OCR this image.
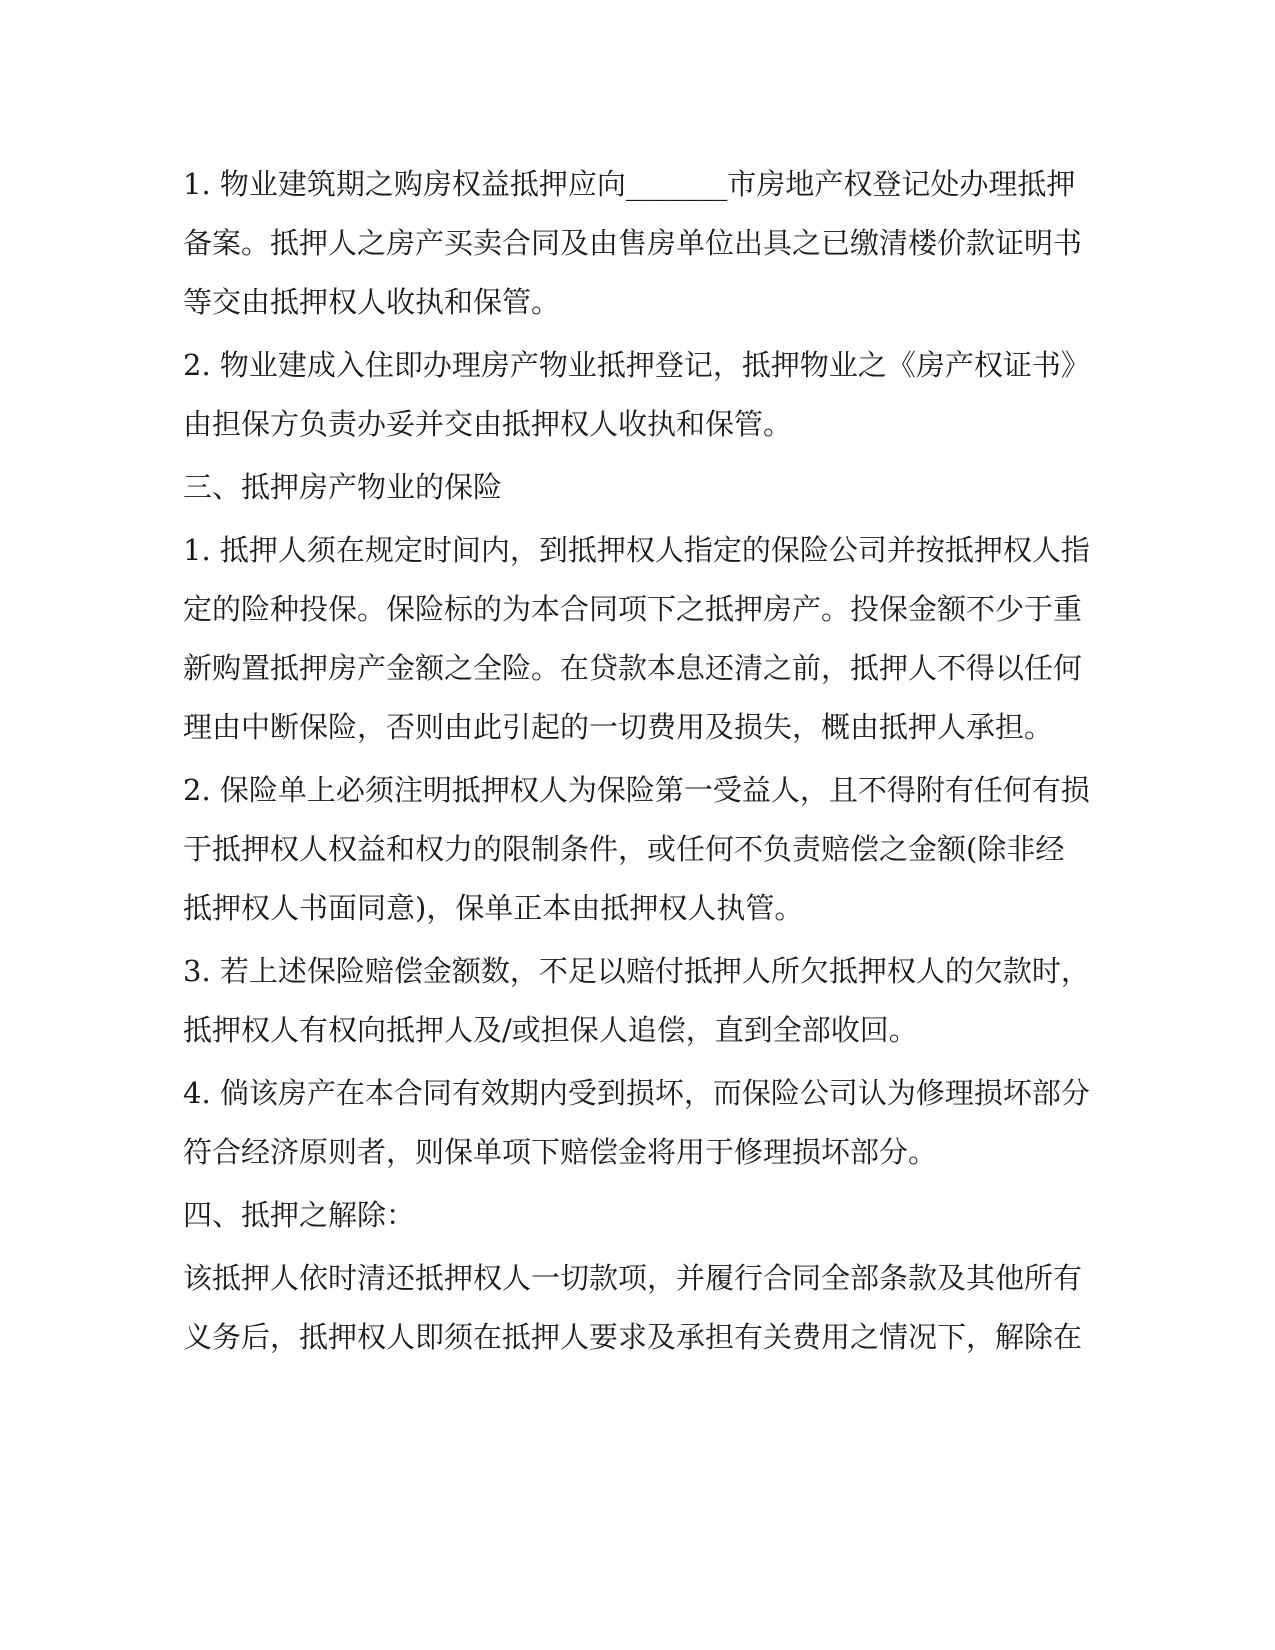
1. 物业建筑期之购房权益抵押应向_______市房地产权登记处办理抵押
备案。抵押人之房产买卖合同及由售房单位出具之已缴清楼价款证明书
等交由抵押权人收执和保管。
2. 物业建成入住即办理房产物业抵押登记，抵押物业之《房产权证书》
由担保方负责办妥并交由抵押权人收执和保管。
三、抵押房产物业的保险
1. 抵押人须在规定时间内，到抵押权人指定的保险公司并按抵押权人指
定的险种投保。保险标的为本合同项下之抵押房产。投保金额不少于重
新购置抵押房产金额之全险。在贷款本息还清之前，抵押人不得以任何
理由中断保险，否则由此引起的一切费用及损失，概由抵押人承担。
2. 保险单上必须注明抵押权人为保险第一受益人，且不得附有任何有损
于抵押权人权益和权力的限制条件，或任何不负责赔偿之金额(除非经
抵押权人书面同意)，保单正本由抵押权人执管。
3. 若上述保险赔偿金额数，不足以赔付抵押人所欠抵押权人的欠款时，
抵押权人有权向抵押人及/或担保人追偿，直到全部收回。
4. 倘该房产在本合同有效期内受到损坏，而保险公司认为修理损坏部分
符合经济原则者，则保单项下赔偿金将用于修理损坏部分。
四、抵押之解除：
该抵押人依时清还抵押权人一切款项，并履行合同全部条款及其他所有
义务后，抵押权人即须在抵押人要求及承担有关费用之情况下，解除在
